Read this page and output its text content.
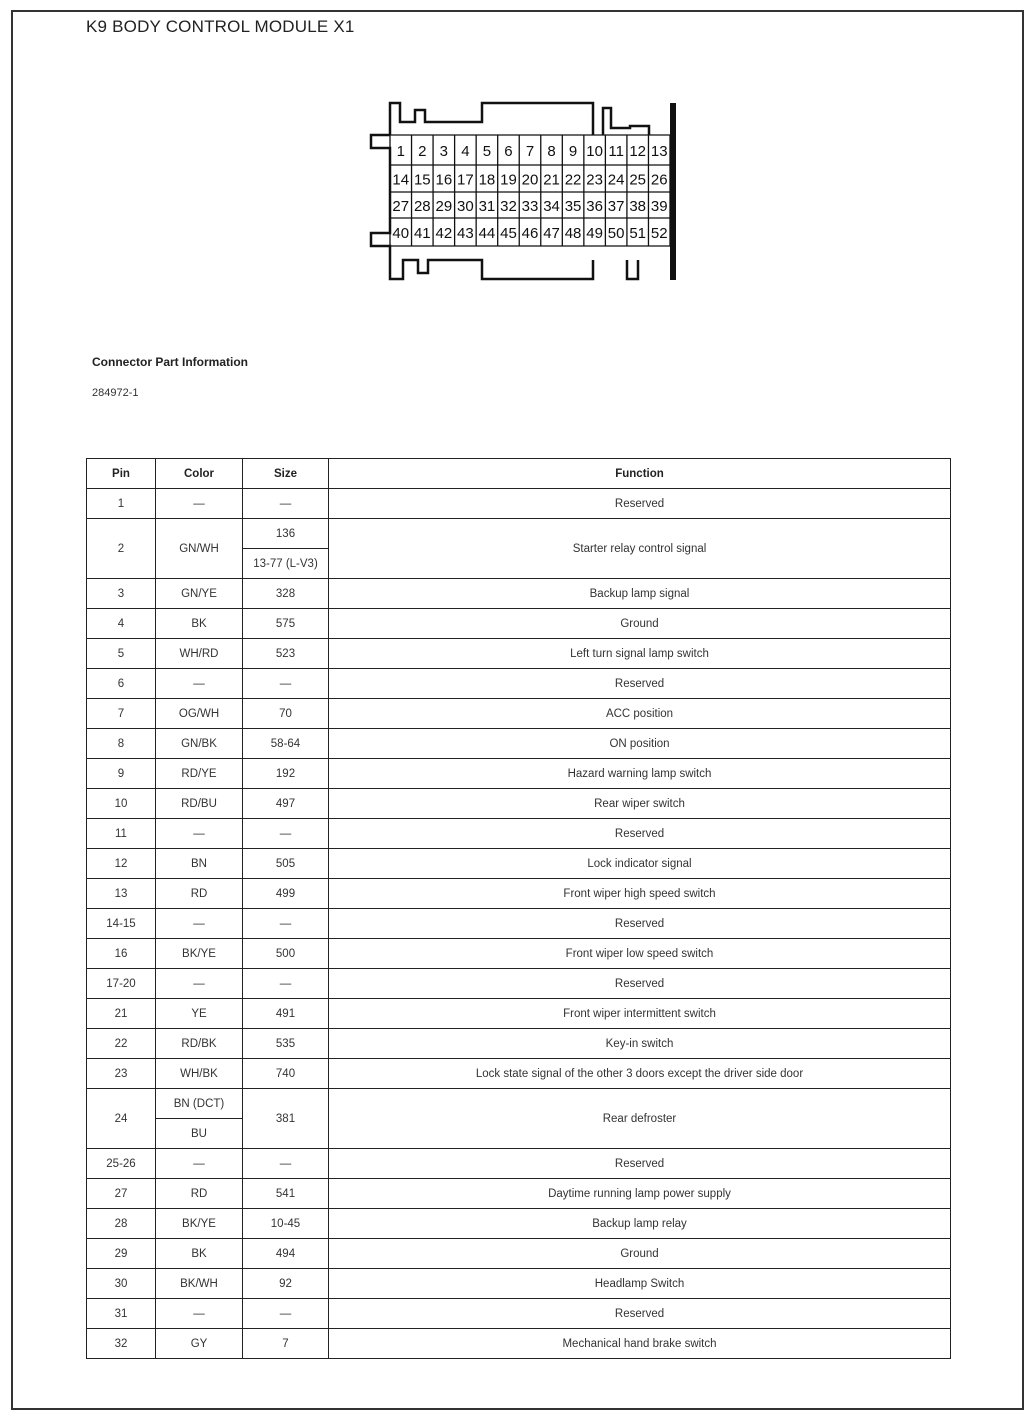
K9 BODY CONTROL MODULE X1
1 2 3 4 5 6 7 8 9 10 11 12 13
14 15 16 17 18 19 20 21 22 23 24 25 26
27 28 29 30 31 32 33 34 35 36 37 38 39
40 41 42 43 44 45 46 47 48 49 50 51 52
Connector Part Information
284972-1
Pin	Color	Size	Function
1	—	—	Reserved
2	GN/WH	136	Starter relay control signal
		13-77 (L-V3)	
3	GN/YE	328	Backup lamp signal
4	BK	575	Ground
5	WH/RD	523	Left turn signal lamp switch
6	—	—	Reserved
7	OG/WH	70	ACC position
8	GN/BK	58-64	ON position
9	RD/YE	192	Hazard warning lamp switch
10	RD/BU	497	Rear wiper switch
11	—	—	Reserved
12	BN	505	Lock indicator signal
13	RD	499	Front wiper high speed switch
14-15	—	—	Reserved
16	BK/YE	500	Front wiper low speed switch
17-20	—	—	Reserved
21	YE	491	Front wiper intermittent switch
22	RD/BK	535	Key-in switch
23	WH/BK	740	Lock state signal of the other 3 doors except the driver side door
24	BN (DCT)	381	Rear defroster
	BU		
25-26	—	—	Reserved
27	RD	541	Daytime running lamp power supply
28	BK/YE	10-45	Backup lamp relay
29	BK	494	Ground
30	BK/WH	92	Headlamp Switch
31	—	—	Reserved
32	GY	7	Mechanical hand brake switch
